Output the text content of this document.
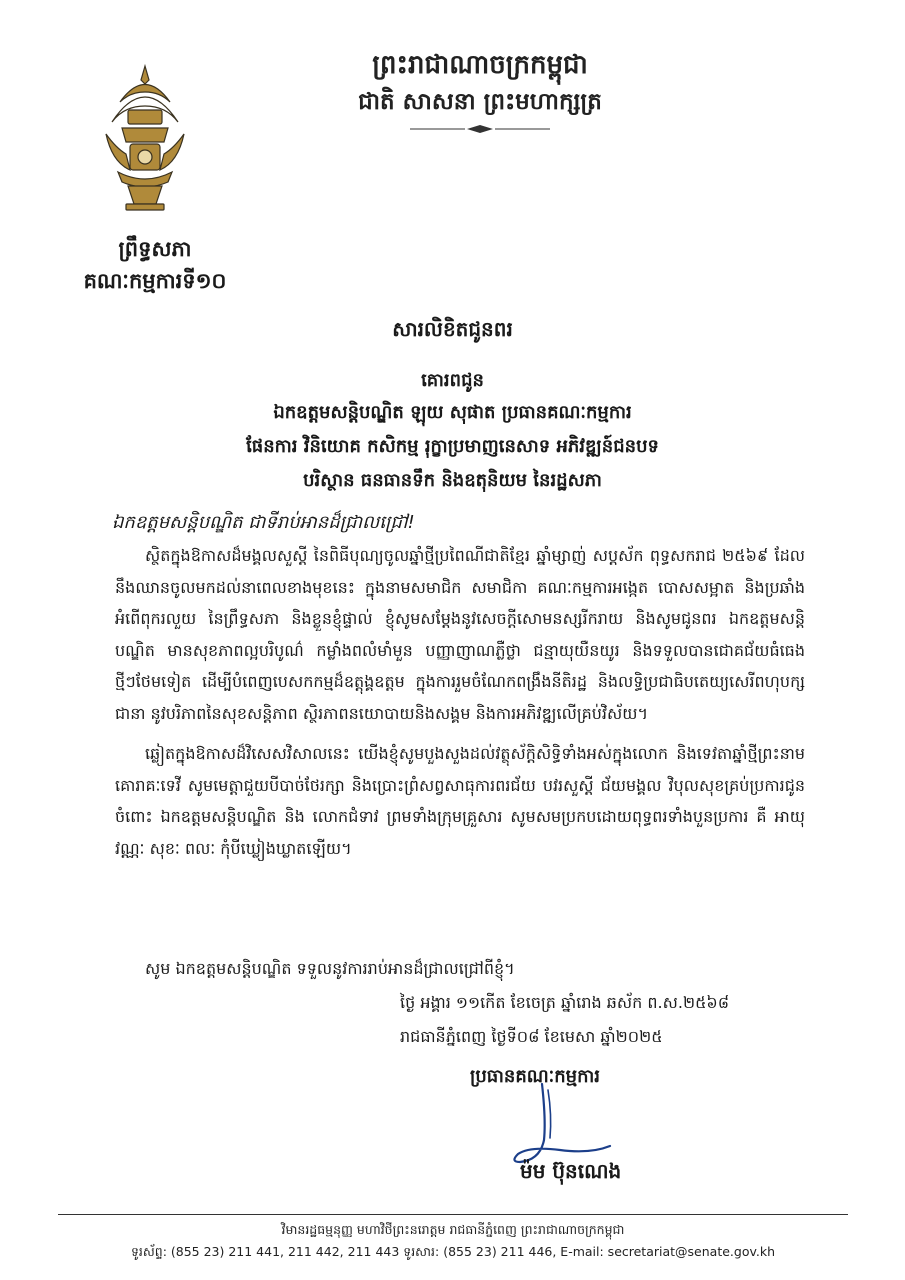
ព្រះរាជាណាចក្រកម្ពុជា
ជាតិ សាសនា ព្រះមហាក្សត្រ
ព្រឹទ្ធសភា
គណៈកម្មការទី១០
សារលិខិតជូនពរ
គោរពជូន
ឯកឧត្តមសន្តិបណ្ឌិត ឡុយ សុផាត ប្រធានគណៈកម្មការ
ផែនការ វិនិយោគ កសិកម្ម រុក្ខាប្រមាញនេសាទ អភិវឌ្ឍន៍ជនបទ
បរិស្ថាន ធនធានទឹក និងឧតុនិយម នៃរដ្ឋសភា
ឯកឧត្តមសន្តិបណ្ឌិត ជាទីរាប់អានដ៏ជ្រាលជ្រៅ!
ស្ថិតក្នុងឱកាសដ៏មង្គលសួស្តី នៃពិធីបុណ្យចូលឆ្នាំថ្មីប្រពៃណីជាតិខ្មែរ ឆ្នាំម្សាញ់ សប្តស័ក ពុទ្ធសករាជ ២៥៦៩ ដែលនឹងឈានចូលមកដល់នាពេលខាងមុខនេះ ក្នុងនាមសមាជិក សមាជិកា គណៈកម្មការអង្កេត បោសសម្អាត និងប្រឆាំងអំពើពុករលួយ នៃព្រឹទ្ធសភា និងខ្លួនខ្ញុំផ្ទាល់ ខ្ញុំសូមសម្តែងនូវសេចក្តីសោមនស្សរីករាយ និងសូមជូនពរ ឯកឧត្តមសន្តិបណ្ឌិត មានសុខភាពល្អបរិបូណ៌ កម្លាំងពលំមាំមួន បញ្ញាញាណភ្លឺថ្លា ជន្មាយុយឺនយូរ និងទទួលបានជោគជ័យធំធេងថ្មីៗថែមទៀត ដើម្បីបំពេញបេសកកម្មដ៏ឧត្តុង្គឧត្តម ក្នុងការរួមចំណែកពង្រឹងនីតិរដ្ឋ និងលទ្ធិប្រជាធិបតេយ្យសេរីពហុបក្សជានា នូវបរិភាពនៃសុខសន្តិភាព ស្ថិរភាពនយោបាយនិងសង្គម និងការអភិវឌ្ឍលើគ្រប់វិស័យ។
ឆ្លៀតក្នុងឱកាសដ៏វិសេសវិសាលនេះ យើងខ្ញុំសូមបួងសួងដល់វត្ថុស័ក្តិសិទ្ធិទាំងអស់ក្នុងលោក និងទេវតាឆ្នាំថ្មីព្រះនាម គោរាគៈទេវី សូមមេត្តាជួយបីបាច់ថែរក្សា និងប្រោះព្រំសព្វសាធុការពរជ័យ បវរសួស្តី ជ័យមង្គល វិបុលសុខគ្រប់ប្រការជូនចំពោះ ឯកឧត្តមសន្តិបណ្ឌិត និង លោកជំទាវ ព្រមទាំងក្រុមគ្រួសារ សូមសមប្រកបដោយពុទ្ធពរទាំងបួនប្រការ គឺ អាយុ វណ្ណៈ សុខៈ ពលៈ កុំបីឃ្លៀងឃ្លាតឡើយ។
សូម ឯកឧត្តមសន្តិបណ្ឌិត ទទួលនូវការរាប់អានដ៏ជ្រាលជ្រៅពីខ្ញុំ។
ថ្ងៃ អង្គារ ១១កើត ខែចេត្រ ឆ្នាំរោង ឆស័ក ព.ស.២៥៦៨
រាជធានីភ្នំពេញ ថ្ងៃទី០៨ ខែមេសា ឆ្នាំ២០២៥
ប្រធានគណៈកម្មការ
ម៉ម ប៊ុនណេង
វិមានរដ្ឋធម្មនុញ្ញ មហាវិថីព្រះនរោត្តម រាជធានីភ្នំពេញ ព្រះរាជាណាចក្រកម្ពុជា
ទូរស័ព្ទ: (855 23) 211 441, 211 442, 211 443 ទូរសារ: (855 23) 211 446, E-mail: secretariat@senate.gov.kh
